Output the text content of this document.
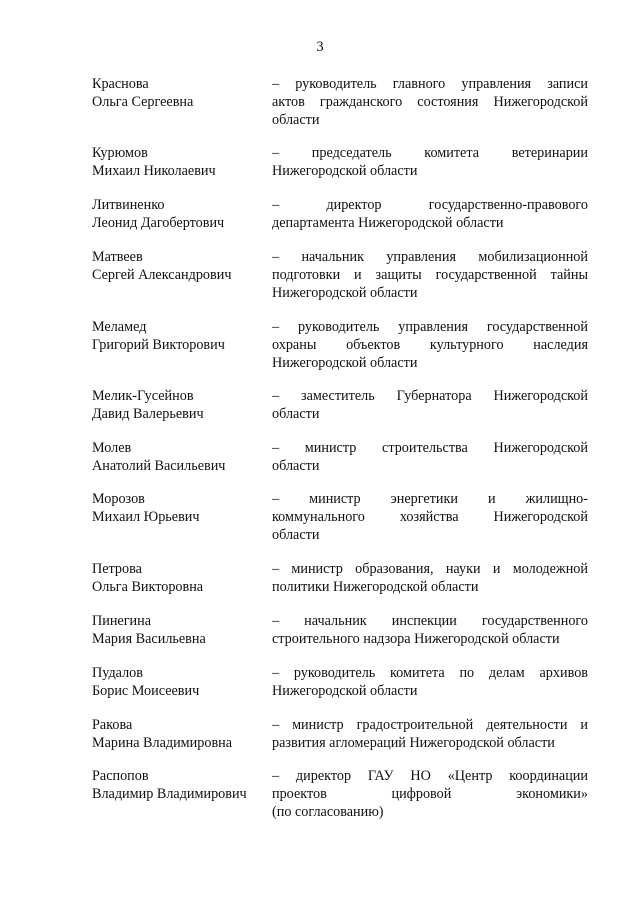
3
Краснова
Ольга Сергеевна
– руководитель главного управления записи
актов гражданского состояния Нижегородской
области
Курюмов
Михаил Николаевич
– председатель комитета ветеринарии
Нижегородской области
Литвиненко
Леонид Дагобертович
– директор государственно-правового
департамента Нижегородской области
Матвеев
Сергей Александрович
– начальник управления мобилизационной
подготовки и защиты государственной тайны
Нижегородской области
Меламед
Григорий Викторович
– руководитель управления государственной
охраны объектов культурного наследия
Нижегородской области
Мелик-Гусейнов
Давид Валерьевич
– заместитель Губернатора Нижегородской
области
Молев
Анатолий Васильевич
– министр строительства Нижегородской
области
Морозов
Михаил Юрьевич
– министр энергетики и жилищно-
коммунального хозяйства Нижегородской
области
Петрова
Ольга Викторовна
– министр образования, науки и молодежной
политики Нижегородской области
Пинегина
Мария Васильевна
– начальник инспекции государственного
строительного надзора Нижегородской области
Пудалов
Борис Моисеевич
– руководитель комитета по делам архивов
Нижегородской области
Ракова
Марина Владимировна
– министр градостроительной деятельности и
развития агломераций Нижегородской области
Распопов
Владимир Владимирович
– директор ГАУ НО «Центр координации
проектов цифровой экономики»
(по согласованию)
